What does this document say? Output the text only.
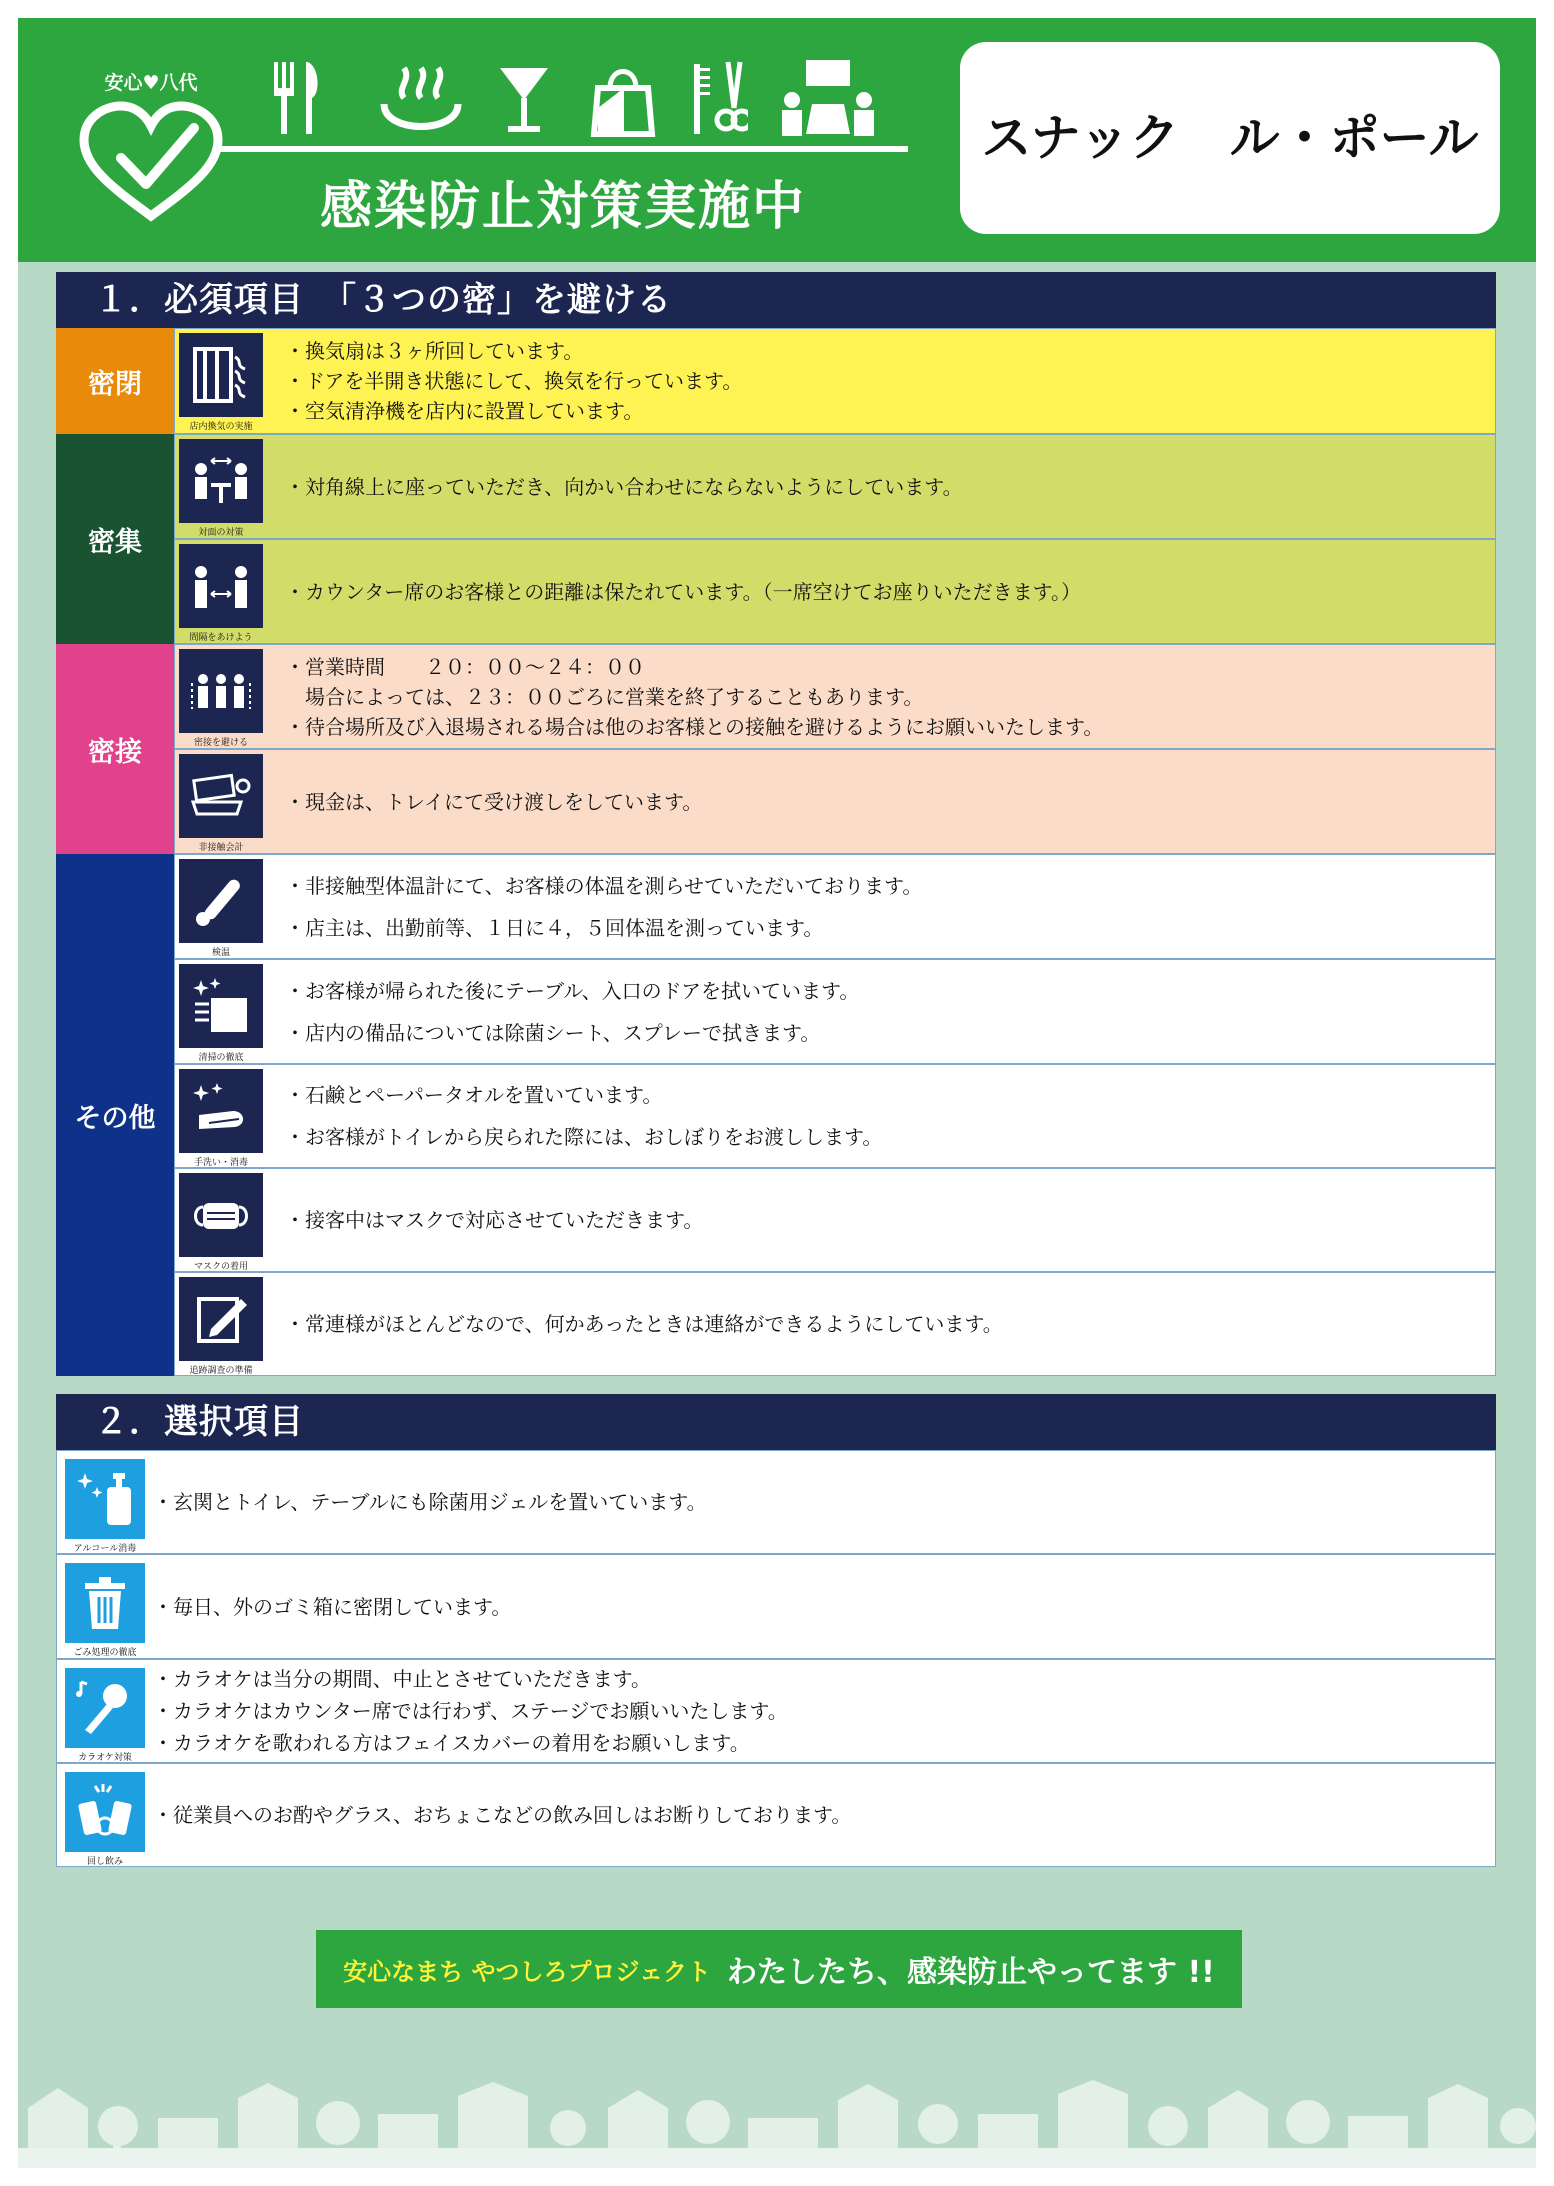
安心♥八代
感染防止対策実施中
スナック　ル・ポール
１．必須項目　「３つの密」を避ける
密閉
密集
密接
その他
店内換気の実施
・換気扇は３ヶ所回しています。
・ドアを半開き状態にして、換気を行っています。
・空気清浄機を店内に設置しています。
対面の対策
・対角線上に座っていただき、向かい合わせにならないようにしています。
間隔をあけよう
・カウンター席のお客様との距離は保たれています。（一席空けてお座りいただきます。）
密接を避ける
・営業時間　　２０：００～２４：００
　場合によっては、２３：００ごろに営業を終了することもあります。
・待合場所及び入退場される場合は他のお客様との接触を避けるようにお願いいたします。
非接触会計
・現金は、トレイにて受け渡しをしています。
検温
・非接触型体温計にて、お客様の体温を測らせていただいております。
・店主は、出勤前等、１日に４，５回体温を測っています。
清掃の徹底
・お客様が帰られた後にテーブル、入口のドアを拭いています。
・店内の備品については除菌シート、スプレーで拭きます。
手洗い・消毒
・石鹸とペーパータオルを置いています。
・お客様がトイレから戻られた際には、おしぼりをお渡しします。
マスクの着用
・接客中はマスクで対応させていただきます。
追跡調査の準備
・常連様がほとんどなので、何かあったときは連絡ができるようにしています。
２．選択項目
アルコール消毒
・玄関とトイレ、テーブルにも除菌用ジェルを置いています。
ごみ処理の徹底
・毎日、外のゴミ箱に密閉しています。
カラオケ対策
・カラオケは当分の期間、中止とさせていただきます。
・カラオケはカウンター席では行わず、ステージでお願いいたします。
・カラオケを歌われる方はフェイスカバーの着用をお願いします。
回し飲み
・従業員へのお酌やグラス、おちょこなどの飲み回しはお断りしております。
安心なまち やつしろプロジェクト わたしたち、感染防止やってます !!
